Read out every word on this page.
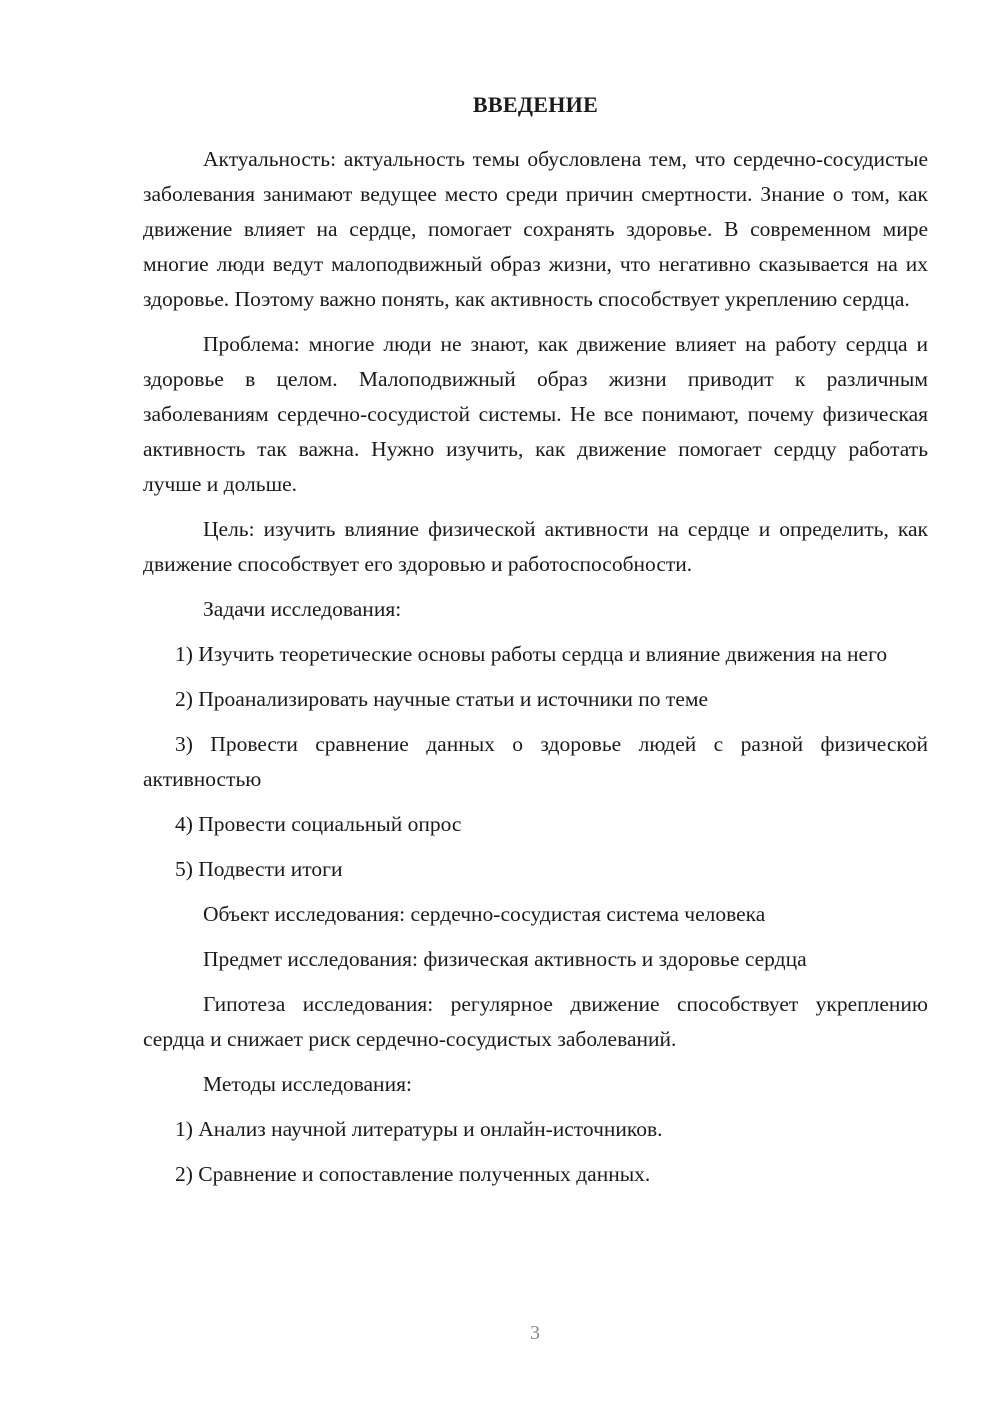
ВВЕДЕНИЕ

Актуальность: актуальность темы обусловлена тем, что сердечно-сосудистые заболевания занимают ведущее место среди причин смертности. Знание о том, как движение влияет на сердце, помогает сохранять здоровье. В современном мире многие люди ведут малоподвижный образ жизни, что негативно сказывается на их здоровье. Поэтому важно понять, как активность способствует укреплению сердца.

Проблема: многие люди не знают, как движение влияет на работу сердца и здоровье в целом. Малоподвижный образ жизни приводит к различным заболеваниям сердечно-сосудистой системы. Не все понимают, почему физическая активность так важна. Нужно изучить, как движение помогает сердцу работать лучше и дольше.

Цель: изучить влияние физической активности на сердце и определить, как движение способствует его здоровью и работоспособности.

Задачи исследования:

1) Изучить теоретические основы работы сердца и влияние движения на него

2) Проанализировать научные статьи и источники по теме

3) Провести сравнение данных о здоровье людей с разной физической активностью

4) Провести социальный опрос

5) Подвести итоги

Объект исследования: сердечно-сосудистая система человека

Предмет исследования: физическая активность и здоровье сердца

Гипотеза исследования: регулярное движение способствует укреплению сердца и снижает риск сердечно-сосудистых заболеваний.

Методы исследования:

1) Анализ научной литературы и онлайн-источников.

2) Сравнение и сопоставление полученных данных.

3
